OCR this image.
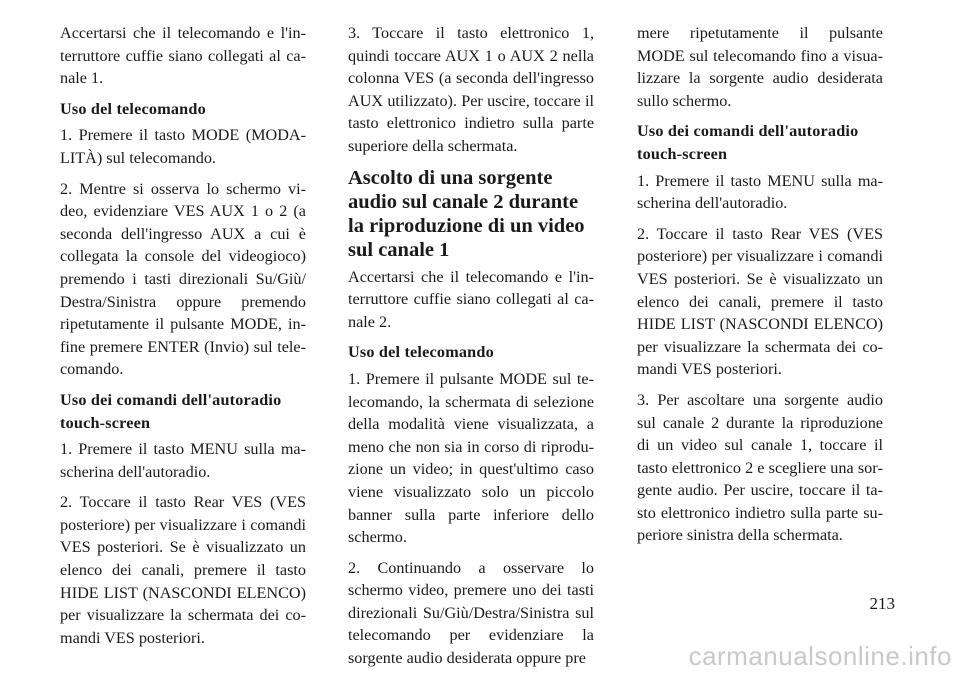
Accertarsi che il telecomando e l'interruttore cuffie siano collegati al canale 1.

Uso del telecomando

1. Premere il tasto MODE (MODALITÀ) sul telecomando.

2. Mentre si osserva lo schermo video, evidenziare VES AUX 1 o 2 (a seconda dell'ingresso AUX a cui è collegata la console del videogioco) premendo i tasti direzionali Su/Giù/ Destra/Sinistra oppure premendo ripetutamente il pulsante MODE, infine premere ENTER (Invio) sul telecomando.

Uso dei comandi dell'autoradio touch-screen

1. Premere il tasto MENU sulla mascherina dell'autoradio.

2. Toccare il tasto Rear VES (VES posteriore) per visualizzare i comandi VES posteriori. Se è visualizzato un elenco dei canali, premere il tasto HIDE LIST (NASCONDI ELENCO) per visualizzare la schermata dei comandi VES posteriori.

3. Toccare il tasto elettronico 1, quindi toccare AUX 1 o AUX 2 nella colonna VES (a seconda dell'ingresso AUX utilizzato). Per uscire, toccare il tasto elettronico indietro sulla parte superiore della schermata.

Ascolto di una sorgente audio sul canale 2 durante la riproduzione di un video sul canale 1

Accertarsi che il telecomando e l'interruttore cuffie siano collegati al canale 2.

Uso del telecomando

1. Premere il pulsante MODE sul telecomando, la schermata di selezione della modalità viene visualizzata, a meno che non sia in corso di riproduzione un video; in quest'ultimo caso viene visualizzato solo un piccolo banner sulla parte inferiore dello schermo.

2. Continuando a osservare lo schermo video, premere uno dei tasti direzionali Su/Giù/Destra/Sinistra sul telecomando per evidenziare la sorgente audio desiderata oppure pre

mere ripetutamente il pulsante MODE sul telecomando fino a visualizzare la sorgente audio desiderata sullo schermo.

Uso dei comandi dell'autoradio touch-screen

1. Premere il tasto MENU sulla mascherina dell'autoradio.

2. Toccare il tasto Rear VES (VES posteriore) per visualizzare i comandi VES posteriori. Se è visualizzato un elenco dei canali, premere il tasto HIDE LIST (NASCONDI ELENCO) per visualizzare la schermata dei comandi VES posteriori.

3. Per ascoltare una sorgente audio sul canale 2 durante la riproduzione di un video sul canale 1, toccare il tasto elettronico 2 e scegliere una sorgente audio. Per uscire, toccare il tasto elettronico indietro sulla parte superiore sinistra della schermata.

213
carmanualsonline.info
